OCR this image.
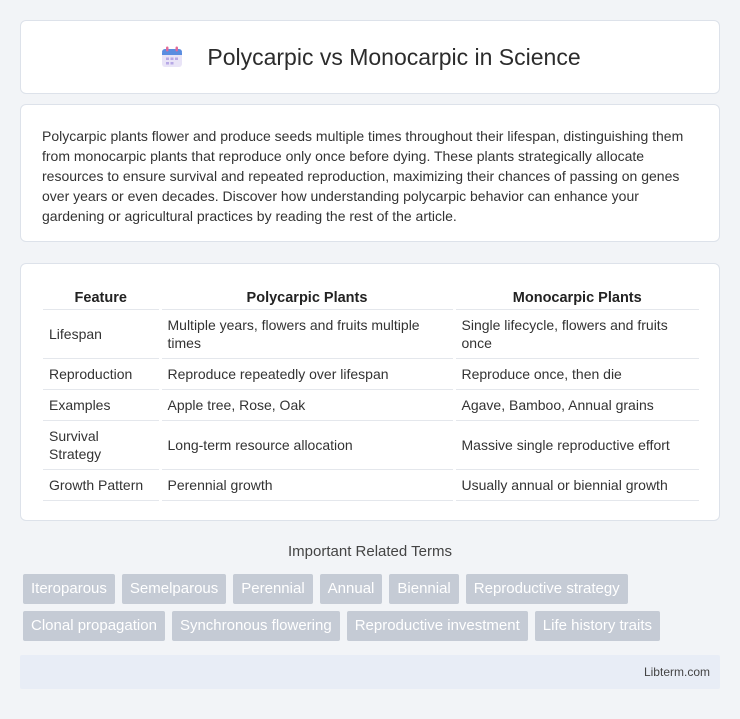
Polycarpic vs Monocarpic in Science

Polycarpic plants flower and produce seeds multiple times throughout their lifespan, distinguishing them from monocarpic plants that reproduce only once before dying. These plants strategically allocate resources to ensure survival and repeated reproduction, maximizing their chances of passing on genes over years or even decades. Discover how understanding polycarpic behavior can enhance your gardening or agricultural practices by reading the rest of the article.

Feature	Polycarpic Plants	Monocarpic Plants
Lifespan	Multiple years, flowers and fruits multiple times	Single lifecycle, flowers and fruits once
Reproduction	Reproduce repeatedly over lifespan	Reproduce once, then die
Examples	Apple tree, Rose, Oak	Agave, Bamboo, Annual grains
Survival Strategy	Long-term resource allocation	Massive single reproductive effort
Growth Pattern	Perennial growth	Usually annual or biennial growth
Important Related Terms
Iteroparous	Semelparous	Perennial	Annual	Biennial	Reproductive strategy
Clonal propagation	Synchronous flowering	Reproductive investment	Life history traits
Libterm.com
